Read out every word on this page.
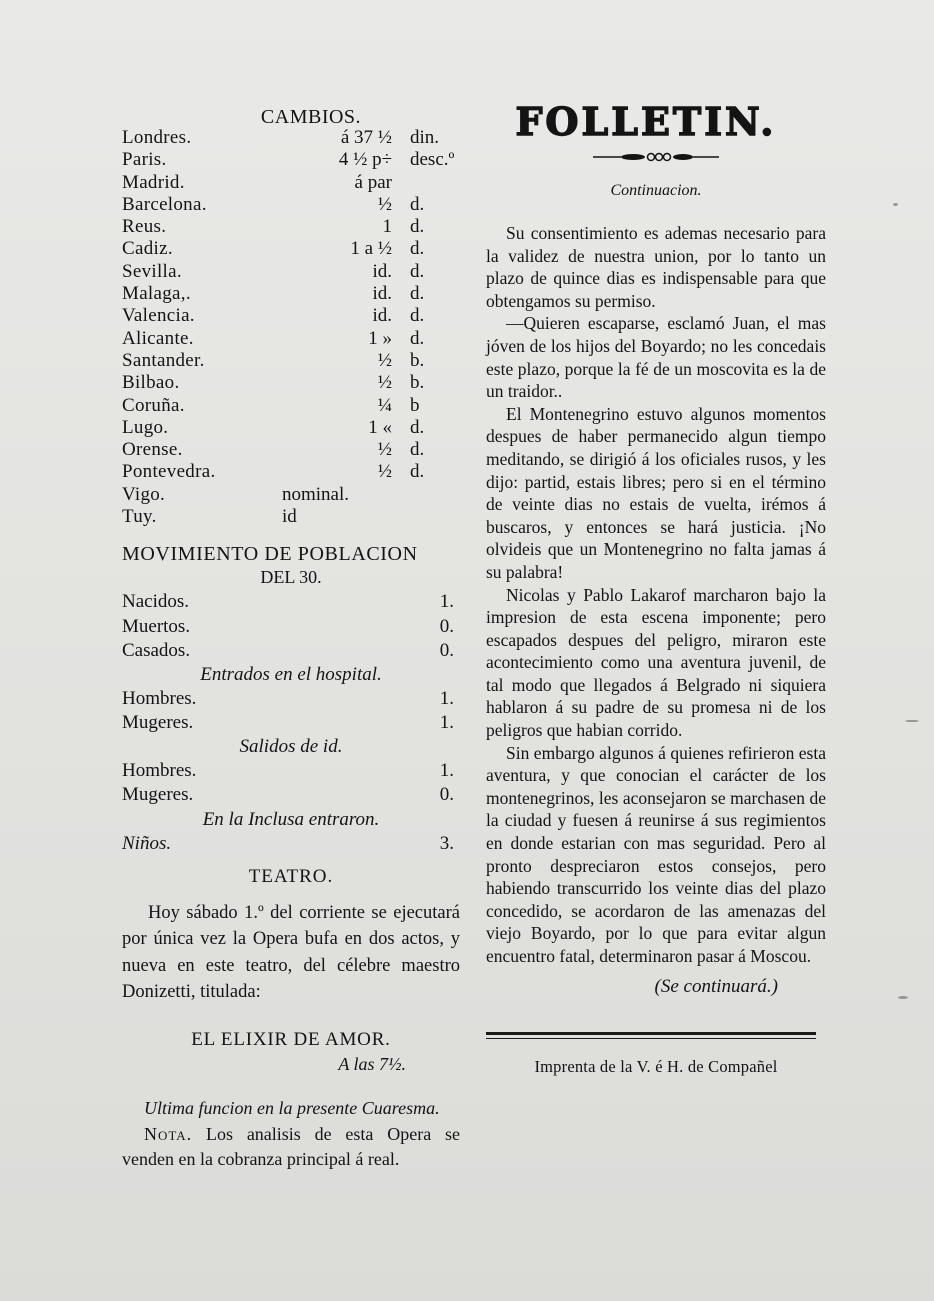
CAMBIOS.
Londres.	á 37 ½ din.
Paris.	4 ½ p÷ desc.º
Madrid.	á par
Barcelona.	½ d.
Reus.	1 d.
Cadiz.	1 a ½ d.
Sevilla.	id. d.
Malaga,.	id. d.
Valencia.	id. d.
Alicante.	1 » d.
Santander.	½ b.
Bilbao.	½ b.
Coruña.	¼ b
Lugo.	1 « d.
Orense.	½ d.
Pontevedra.	½ d.
Vigo.	nominal.
Tuy.	id
MOVIMIENTO DE POBLACION
DEL 30.
Nacidos.	1.
Muertos.	0.
Casados.	0.
Entrados en el hospital.
Hombres.	1.
Mugeres.	1.
Salidos de id.
Hombres.	1.
Mugeres.	0.
En la Inclusa entraron.
Niños.	3.
TEATRO.

Hoy sábado 1.º del corriente se ejecutará por única vez la Opera bufa en dos actos, y nueva en este teatro, del célebre maestro Donizetti, titulada:

EL ELIXIR DE AMOR.
A las 7½.
Ultima funcion en la presente Cuaresma.
Nota. Los analisis de esta Opera se venden en la cobranza principal á real.
FOLLETIN.
Continuacion.

Su consentimiento es ademas necesario para la validez de nuestra union, por lo tanto un plazo de quince dias es indispensable para que obtengamos su permiso.

—Quieren escaparse, esclamó Juan, el mas jóven de los hijos del Boyardo; no les concedais este plazo, porque la fé de un moscovita es la de un traidor..

El Montenegrino estuvo algunos momentos despues de haber permanecido algun tiempo meditando, se dirigió á los oficiales rusos, y les dijo: partid, estais libres; pero si en el término de veinte dias no estais de vuelta, irémos á buscaros, y entonces se hará justicia. ¡No olvideis que un Montenegrino no falta jamas á su palabra!

Nicolas y Pablo Lakarof marcharon bajo la impresion de esta escena imponente; pero escapados despues del peligro, miraron este acontecimiento como una aventura juvenil, de tal modo que llegados á Belgrado ni siquiera hablaron á su padre de su promesa ni de los peligros que habian corrido.

Sin embargo algunos á quienes refirieron esta aventura, y que conocian el carácter de los montenegrinos, les aconsejaron se marchasen de la ciudad y fuesen á reunirse á sus regimientos en donde estarian con mas seguridad. Pero al pronto despreciaron estos consejos, pero habiendo transcurrido los veinte dias del plazo concedido, se acordaron de las amenazas del viejo Boyardo, por lo que para evitar algun encuentro fatal, determinaron pasar á Moscou.

(Se continuará.)
Imprenta de la V. é H. de Compañel
